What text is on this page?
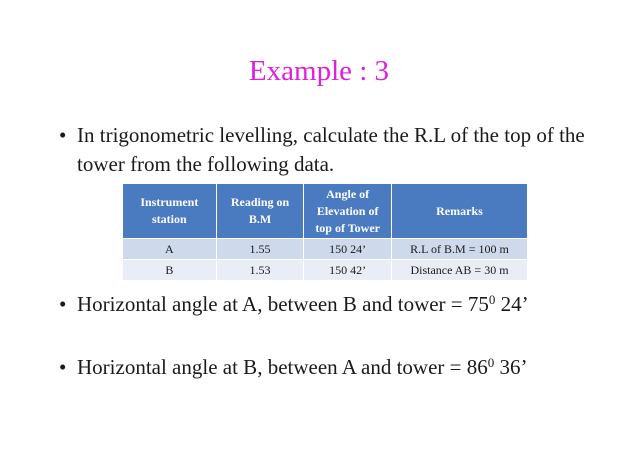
Example : 3
• In trigonometric levelling, calculate the R.L of the top of the tower from the following data.
Instrument station	Reading on B.M	Angle of Elevation of top of Tower	Remarks
A	1.55	150 24’	R.L of B.M = 100 m
B	1.53	150 42’	Distance AB = 30 m
• Horizontal angle at A, between B and tower = $75^0$ 24’
• Horizontal angle at B, between A and tower = $86^0$ 36’
